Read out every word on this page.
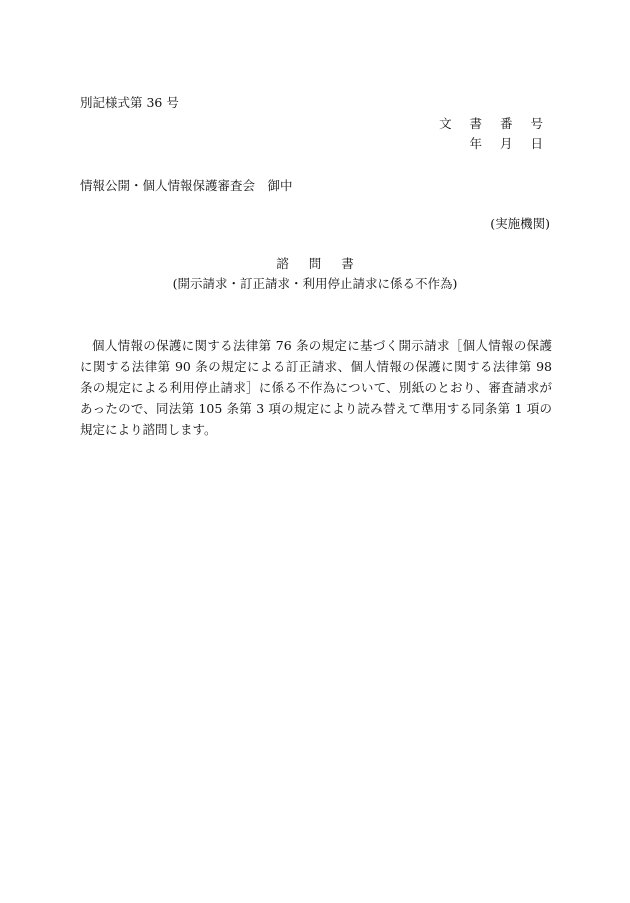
別記様式第 36 号
文 書 番 号
年 月 日
情報公開・個人情報保護審査会　御中
(実施機関)
諮問書
(開示請求・訂正請求・利用停止請求に係る不作為)
個人情報の保護に関する法律第 76 条の規定に基づく開示請求［個人情報の保護に関する法律第 90 条の規定による訂正請求、個人情報の保護に関する法律第 98 条の規定による利用停止請求］に係る不作為について、別紙のとおり、審査請求があったので、同法第 105 条第 3 項の規定により読み替えて準用する同条第 1 項の規定により諮問します。
